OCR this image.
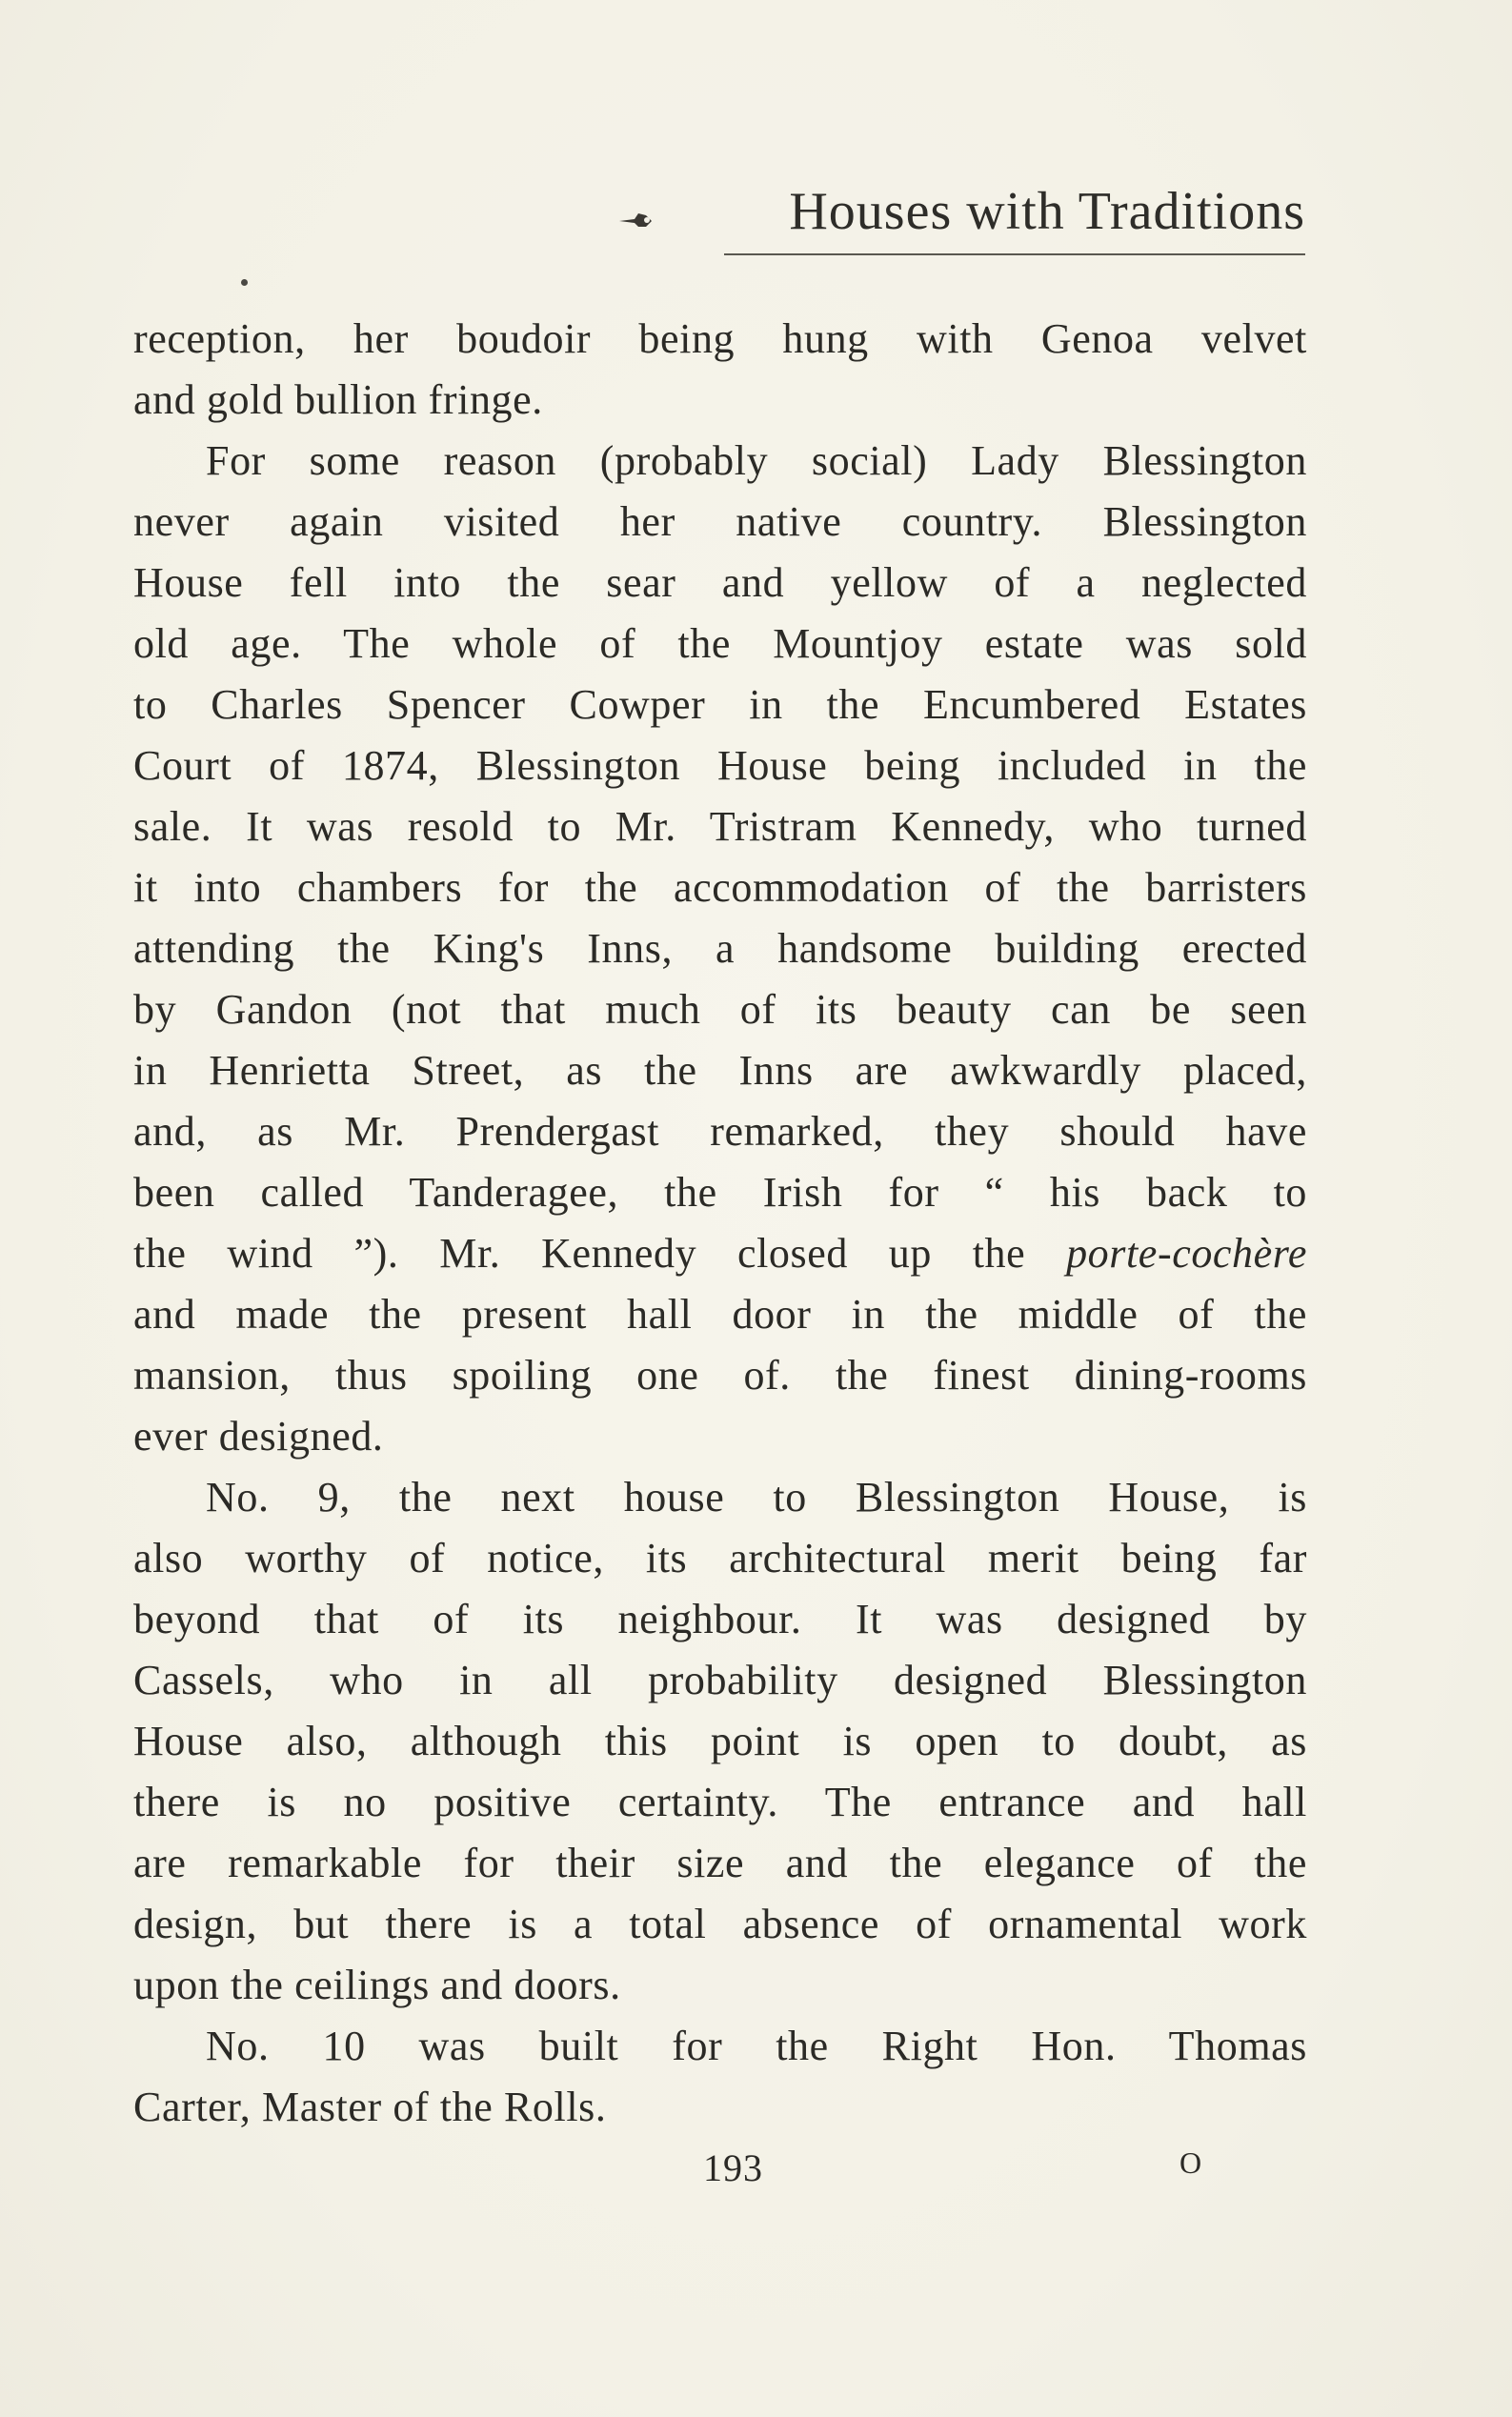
Houses with Traditions
reception, her boudoir being hung with Genoa velvet
and gold bullion fringe.
For some reason (probably social) Lady Blessington
never again visited her native country. Blessington
House fell into the sear and yellow of a neglected
old age. The whole of the Mountjoy estate was sold
to Charles Spencer Cowper in the Encumbered Estates
Court of 1874, Blessington House being included in the
sale. It was resold to Mr. Tristram Kennedy, who turned
it into chambers for the accommodation of the barristers
attending the King's Inns, a handsome building erected
by Gandon (not that much of its beauty can be seen
in Henrietta Street, as the Inns are awkwardly placed,
and, as Mr. Prendergast remarked, they should have
been called Tanderagee, the Irish for “ his back to
the wind ”). Mr. Kennedy closed up the porte-cochère
and made the present hall door in the middle of the
mansion, thus spoiling one of. the finest dining-rooms
ever designed.
No. 9, the next house to Blessington House, is
also worthy of notice, its architectural merit being far
beyond that of its neighbour. It was designed by
Cassels, who in all probability designed Blessington
House also, although this point is open to doubt, as
there is no positive certainty. The entrance and hall
are remarkable for their size and the elegance of the
design, but there is a total absence of ornamental work
upon the ceilings and doors.
No. 10 was built for the Right Hon. Thomas
Carter, Master of the Rolls.
193	O
